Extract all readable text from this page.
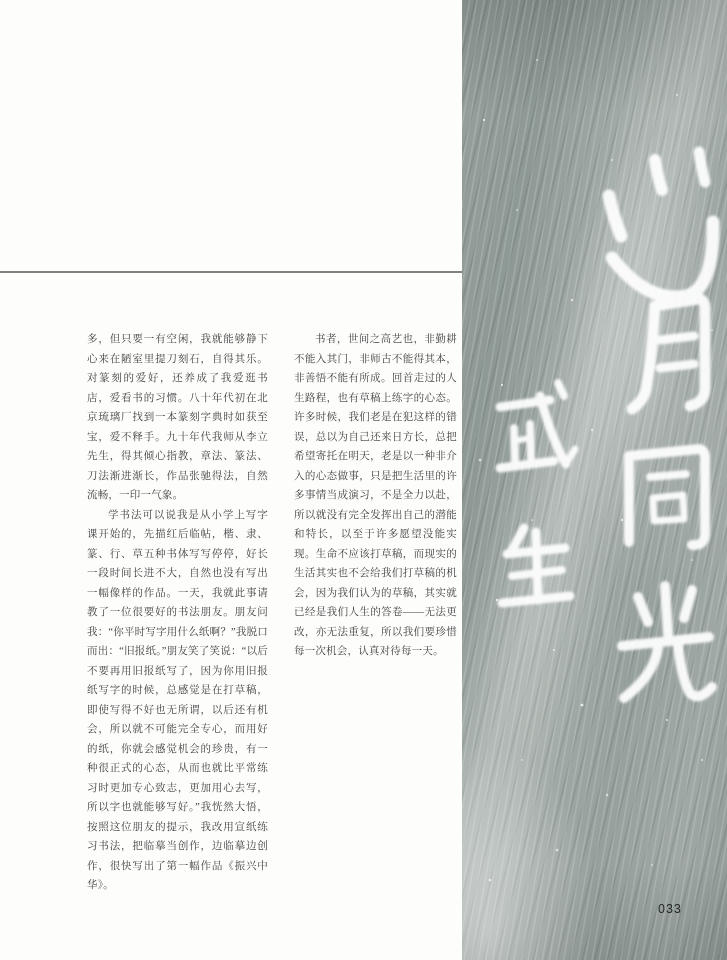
多，但只要一有空闲，我就能够静下心来在陋室里提刀刻石，自得其乐。对篆刻的爱好，还养成了我爱逛书店，爱看书的习惯。八十年代初在北京琉璃厂找到一本篆刻字典时如获至宝，爱不释手。九十年代我师从李立先生，得其倾心指教，章法、篆法、刀法渐进渐长，作品张驰得法，自然流畅，一印一气象。

学书法可以说我是从小学上写字课开始的，先描红后临帖，楷、隶、篆、行、草五种书体写写停停，好长一段时间长进不大，自然也没有写出一幅像样的作品。一天，我就此事请教了一位很要好的书法朋友。朋友问我：“你平时写字用什么纸啊？”我脱口而出：“旧报纸。”朋友笑了笑说：“以后不要再用旧报纸写了，因为你用旧报纸写字的时候，总感觉是在打草稿，即使写得不好也无所谓，以后还有机会，所以就不可能完全专心，而用好的纸，你就会感觉机会的珍贵，有一种很正式的心态，从而也就比平常练习时更加专心致志，更加用心去写，所以字也就能够写好。”我恍然大悟，按照这位朋友的提示，我改用宣纸练习书法，把临摹当创作，边临摹边创作，很快写出了第一幅作品《振兴中华》。

书者，世间之高艺也，非勤耕不能入其门，非师古不能得其本，非善悟不能有所成。回首走过的人生路程，也有草稿上练字的心态。许多时候，我们老是在犯这样的错误，总以为自己还来日方长，总把希望寄托在明天，老是以一种非介入的心态做事，只是把生活里的许多事情当成演习，不是全力以赴，所以就没有完全发挥出自己的潜能和特长，以至于许多愿望没能实现。生命不应该打草稿，而现实的生活其实也不会给我们打草稿的机会，因为我们认为的草稿，其实就已经是我们人生的答卷——无法更改，亦无法重复，所以我们要珍惜每一次机会，认真对待每一天。

033
